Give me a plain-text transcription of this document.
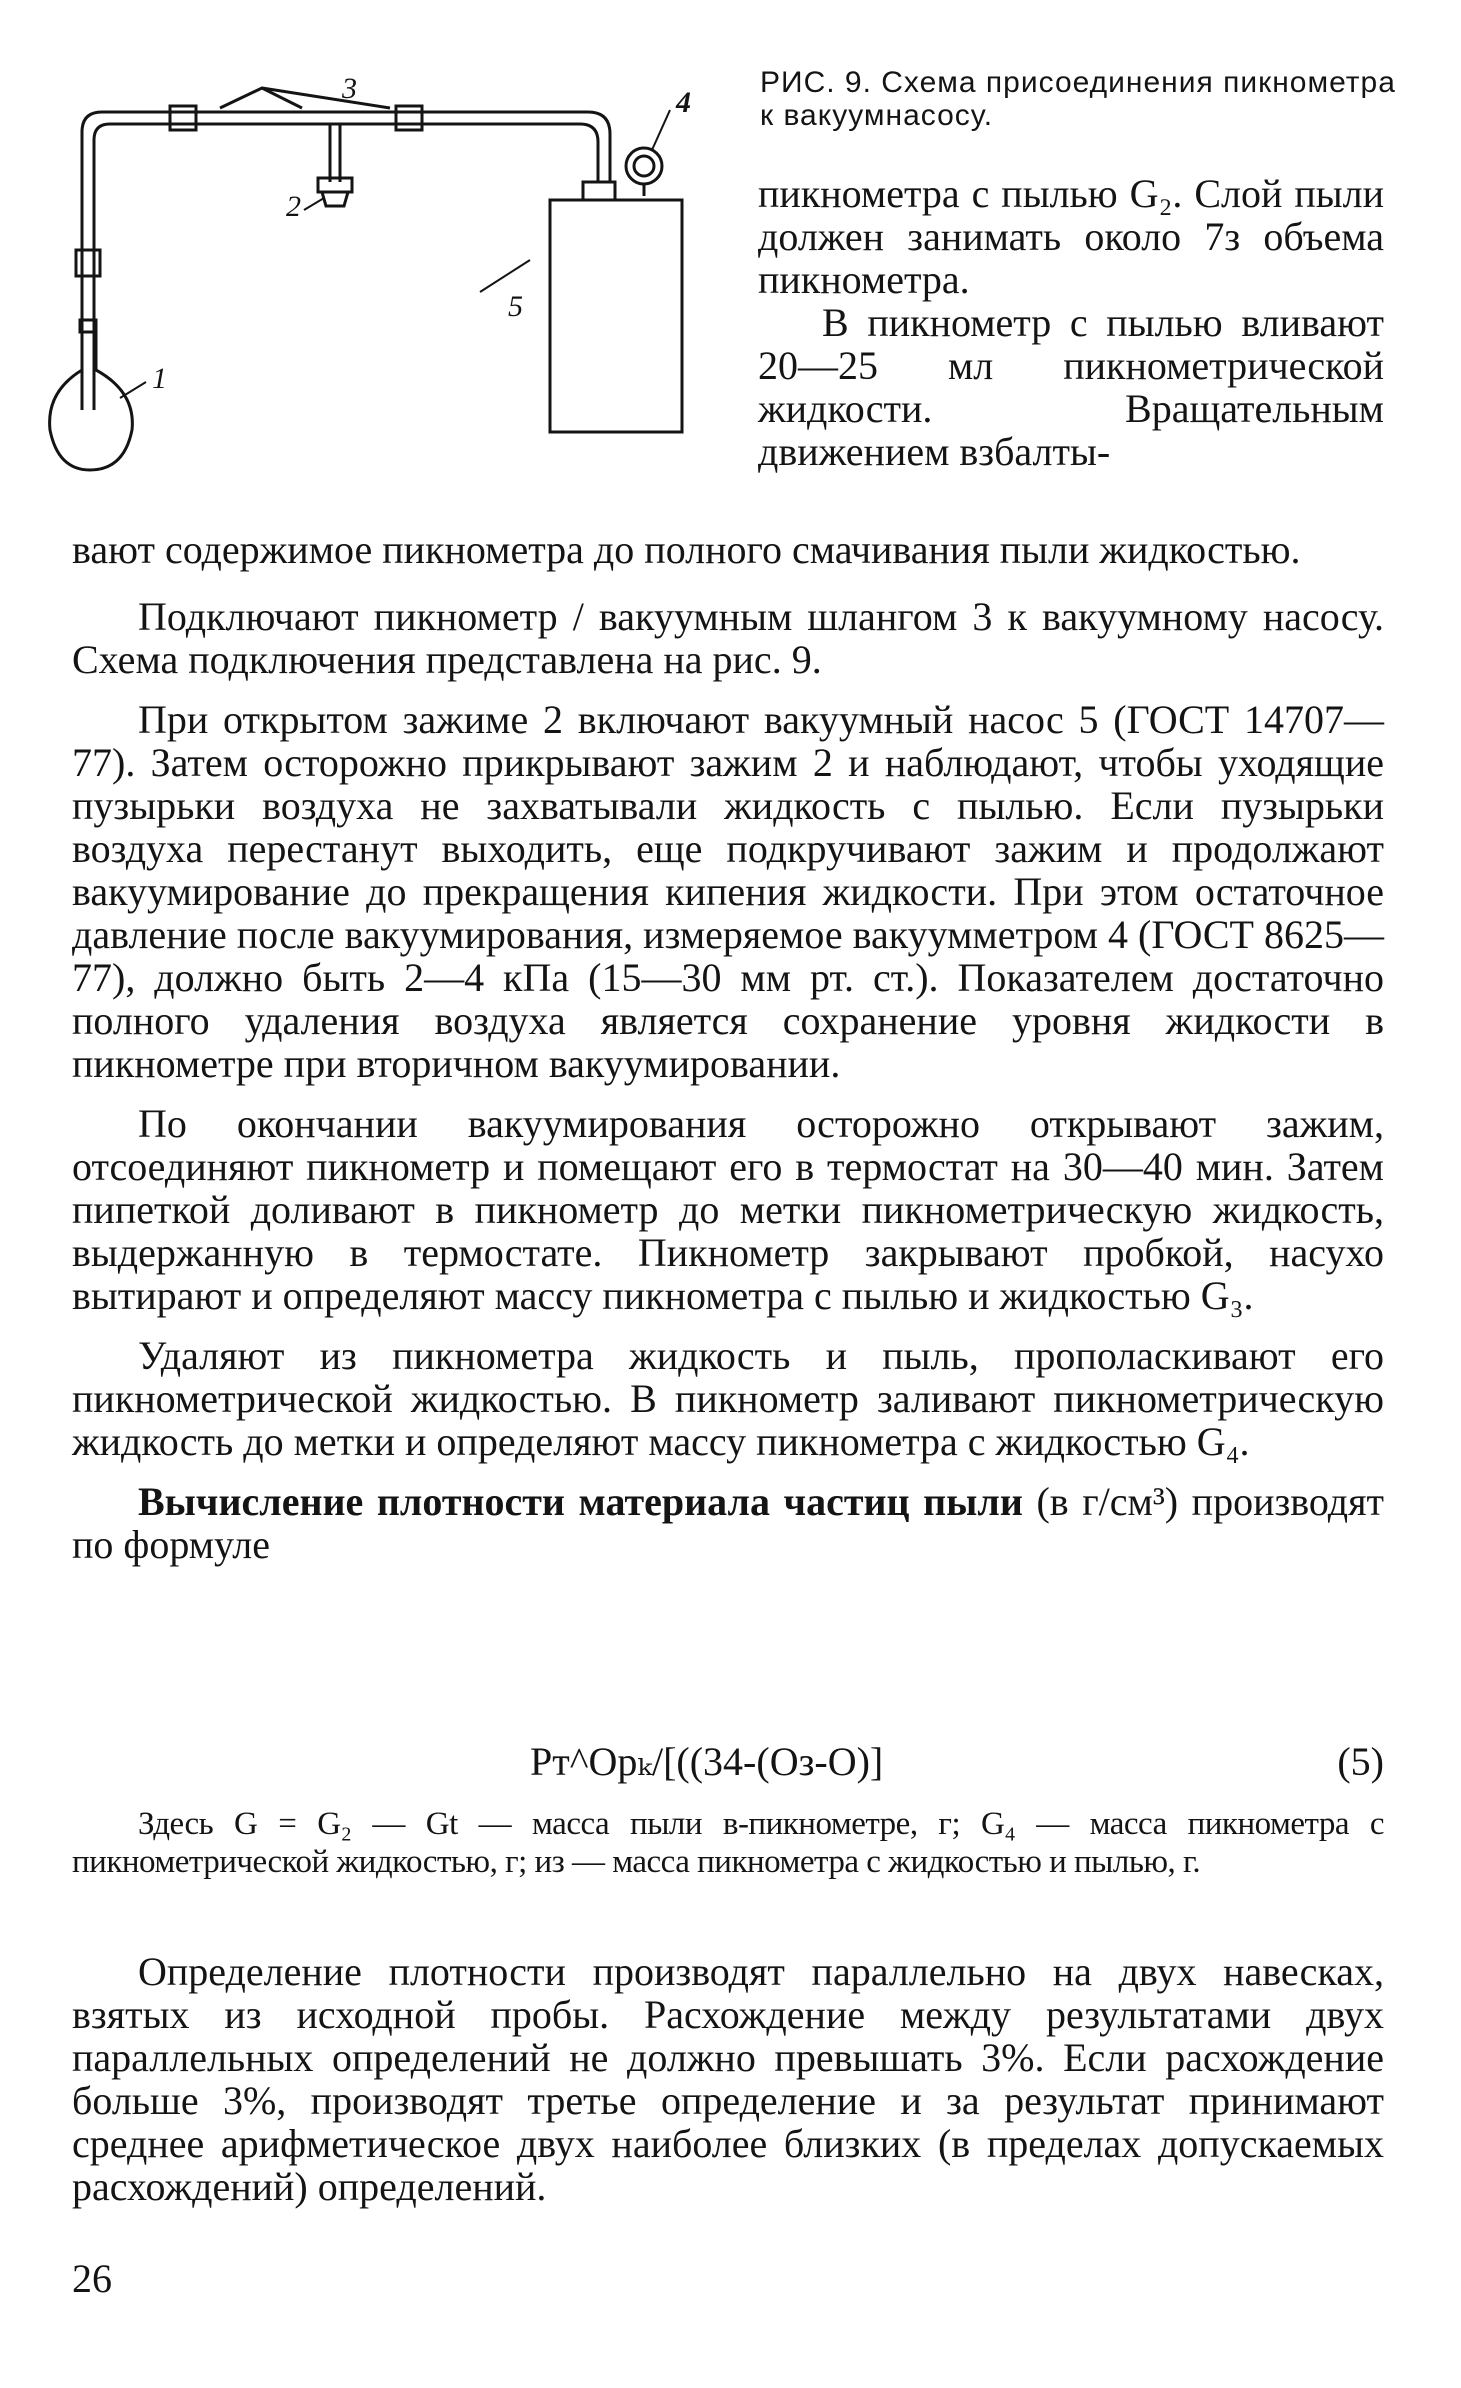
3	4
2
5
1
РИС. 9. Схема присоединения пикнометра к вакуумнасосу.

пикнометра с пылью G₂. Слой пыли должен занимать около 7з объема пикнометра.

В пикнометр с пылью вливают 20—25 мл пикнометрической жидкости. Вращательным движением взбалты-

вают содержимое пикнометра до полного смачивания пыли жидкостью.

Подключают пикнометр / вакуумным шлангом 3 к вакуумному насосу. Схема подключения представлена на рис. 9.

При открытом зажиме 2 включают вакуумный насос 5 (ГОСТ 14707—77). Затем осторожно прикрывают зажим 2 и наблюдают, чтобы уходящие пузырьки воздуха не захватывали жидкость с пылью. Если пузырьки воздуха перестанут выходить, еще подкручивают зажим и продолжают вакуумирование до прекращения кипения жидкости. При этом остаточное давление после вакуумирования, измеряемое вакуумметром 4 (ГОСТ 8625—77), должно быть 2—4 кПа (15—30 мм рт. ст.). Показателем достаточно полного удаления воздуха является сохранение уровня жидкости в пикнометре при вторичном вакуумировании.

По окончании вакуумирования осторожно открывают зажим, отсоединяют пикнометр и помещают его в термостат на 30—40 мин. Затем пипеткой доливают в пикнометр до метки пикнометрическую жидкость, выдержанную в термостате. Пикнометр закрывают пробкой, насухо вытирают и определяют массу пикнометра с пылью и жидкостью G₃.

Удаляют из пикнометра жидкость и пыль, прополаскивают его пикнометрической жидкостью. В пикнометр заливают пикнометрическую жидкость до метки и определяют массу пикнометра с жидкостью G₄.

Вычисление плотности материала частиц пыли (в г/см³) производят по формуле

Рт^Орₖ/[((34-(Оз-О)]	(5)

Здесь G = G₂ — Gt — масса пыли в-пикнометре, г; G₄ — масса пикнометра с пикнометрической жидкостью, г; из — масса пикнометра с жидкостью и пылью, г.

Определение плотности производят параллельно на двух навесках, взятых из исходной пробы. Расхождение между результатами двух параллельных определений не должно превышать 3%. Если расхождение больше 3%, производят третье определение и за результат принимают среднее арифметическое двух наиболее близких (в пределах допускаемых расхождений) определений.

26
